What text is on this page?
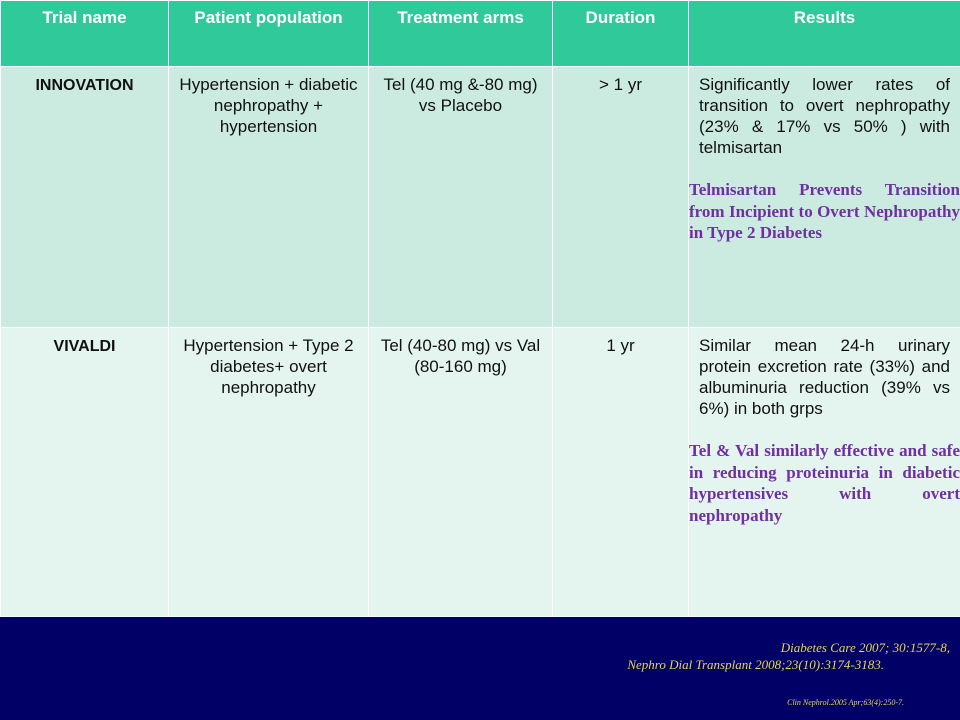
Trial name	Patient population	Treatment arms	Duration	Results

INNOVATION	Hypertension + diabetic nephropathy + hypertension	Tel (40 mg &-80 mg) vs Placebo	> 1 yr	Significantly lower rates of transition to overt nephropathy (23% & 17% vs 50% ) with telmisartan
Telmisartan Prevents Transition from Incipient to Overt Nephropathy in Type 2 Diabetes

VIVALDI	Hypertension + Type 2 diabetes+ overt nephropathy	Tel (40-80 mg) vs Val (80-160 mg)	1 yr	Similar mean 24-h urinary protein excretion rate (33%) and albuminuria reduction (39% vs 6%) in both grps
Tel & Val similarly effective and safe in reducing proteinuria in diabetic hypertensives with overt nephropathy
Diabetes Care 2007; 30:1577-8,
Nephro Dial Transplant 2008;23(10):3174-3183.
Clin Nephrol.2005 Apr;63(4):250-7.
